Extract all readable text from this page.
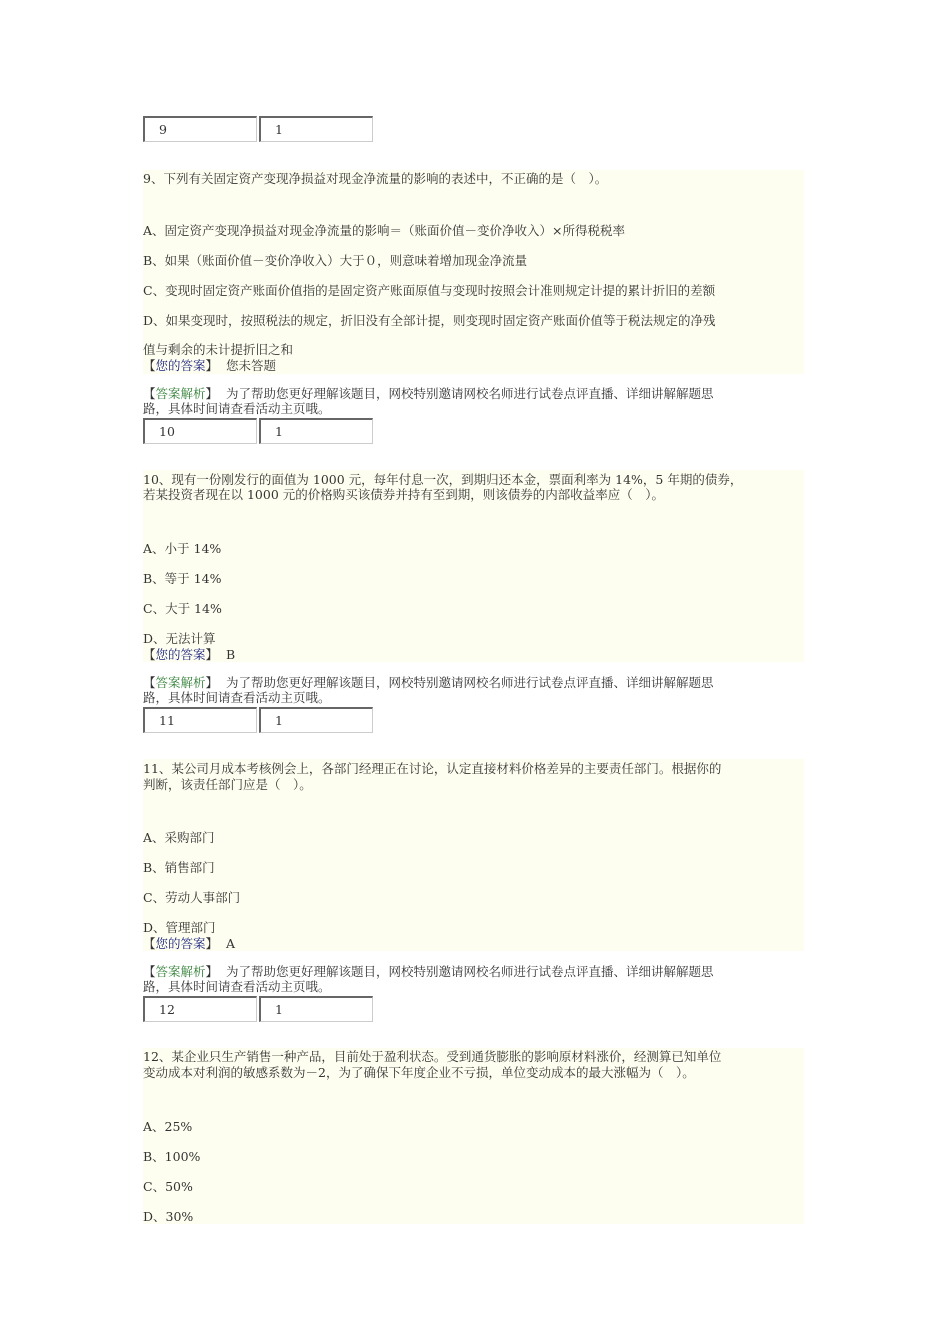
9	1
9、下列有关固定资产变现净损益对现金净流量的影响的表述中，不正确的是（　）。
A、固定资产变现净损益对现金净流量的影响＝（账面价值－变价净收入）×所得税税率
B、如果（账面价值－变价净收入）大于０，则意味着增加现金净流量
C、变现时固定资产账面价值指的是固定资产账面原值与变现时按照会计准则规定计提的累计折旧的差额
D、如果变现时，按照税法的规定，折旧没有全部计提，则变现时固定资产账面价值等于税法规定的净残
值与剩余的未计提折旧之和
【您的答案】 您未答题
【答案解析】 为了帮助您更好理解该题目，网校特别邀请网校名师进行试卷点评直播、详细讲解解题思
路，具体时间请查看活动主页哦。
10	1
10、现有一份刚发行的面值为 1000 元，每年付息一次，到期归还本金，票面利率为 14%，5 年期的债券，
若某投资者现在以 1000 元的价格购买该债券并持有至到期，则该债券的内部收益率应（　）。
A、小于 14%
B、等于 14%
C、大于 14%
D、无法计算
【您的答案】 B
【答案解析】 为了帮助您更好理解该题目，网校特别邀请网校名师进行试卷点评直播、详细讲解解题思
路，具体时间请查看活动主页哦。
11	1
11、某公司月成本考核例会上，各部门经理正在讨论，认定直接材料价格差异的主要责任部门。根据你的
判断，该责任部门应是（　）。
A、采购部门
B、销售部门
C、劳动人事部门
D、管理部门
【您的答案】 A
【答案解析】 为了帮助您更好理解该题目，网校特别邀请网校名师进行试卷点评直播、详细讲解解题思
路，具体时间请查看活动主页哦。
12	1
12、某企业只生产销售一种产品，目前处于盈利状态。受到通货膨胀的影响原材料涨价，经测算已知单位
变动成本对利润的敏感系数为－2，为了确保下年度企业不亏损，单位变动成本的最大涨幅为（　）。
A、25%
B、100%
C、50%
D、30%
